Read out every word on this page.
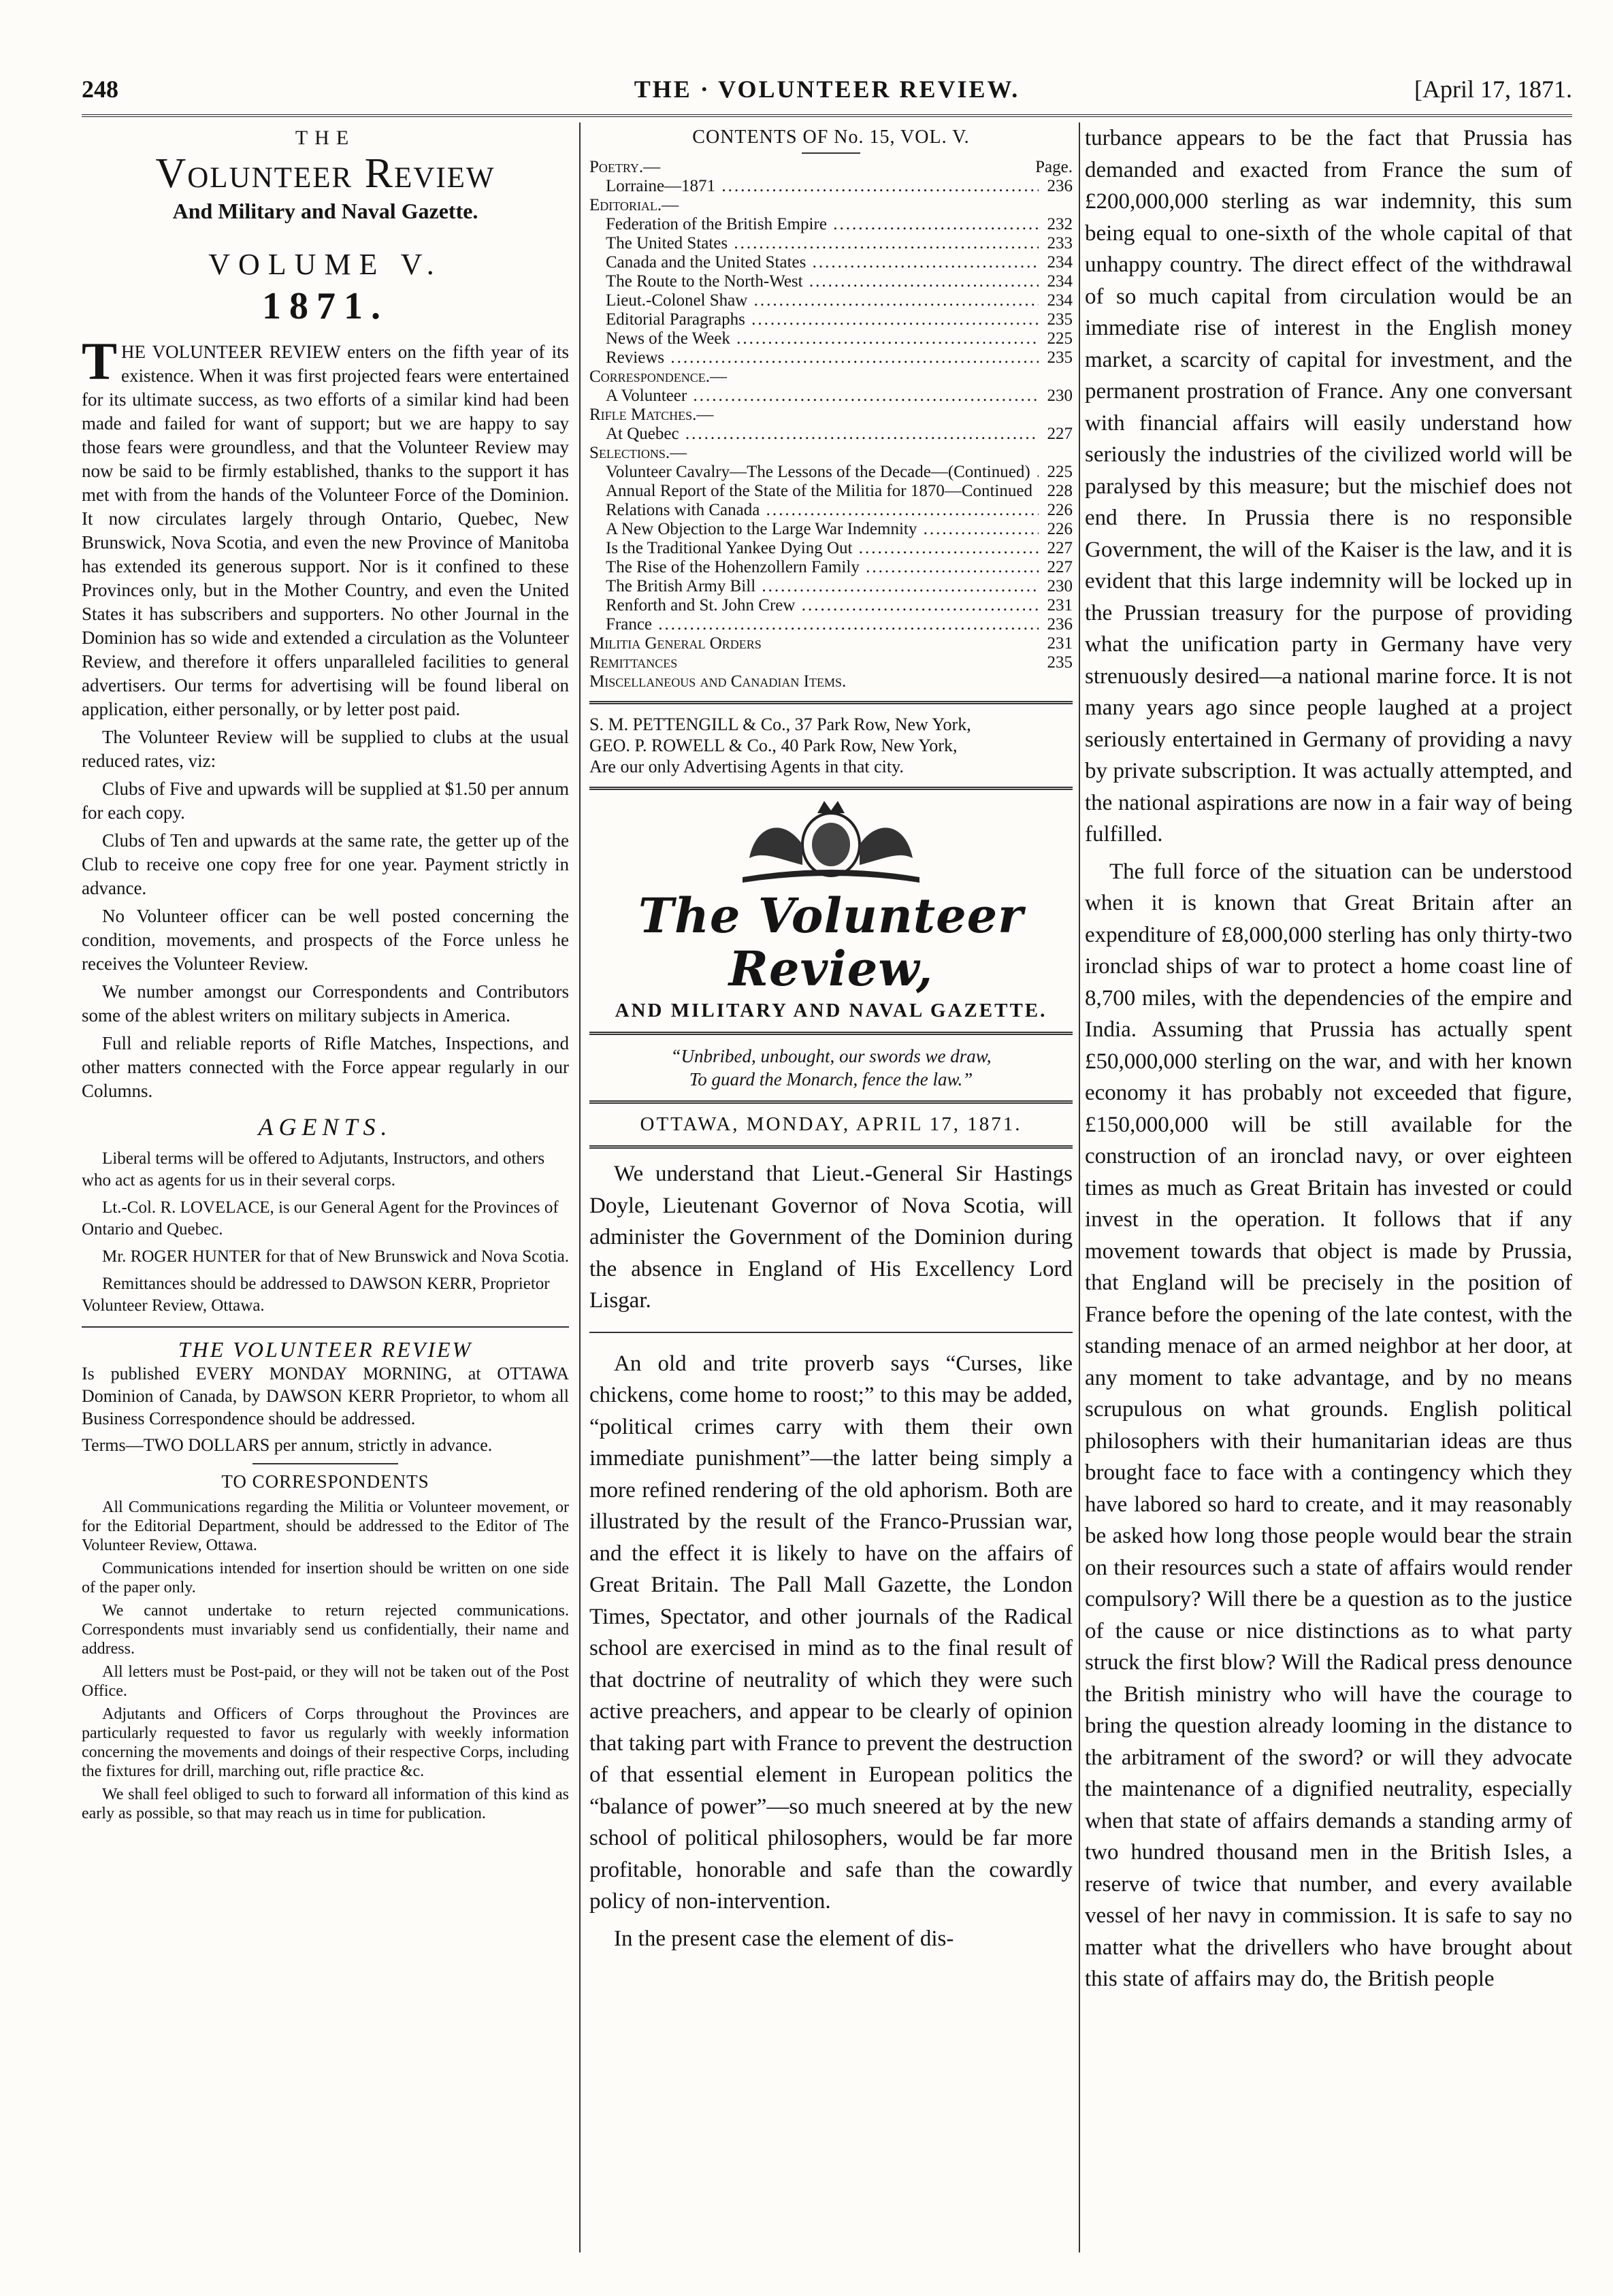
248	THE · VOLUNTEER REVIEW.	[April 17, 1871.
THE
Volunteer Review
And Military and Naval Gazette.
VOLUME V.
1871.
T HE VOLUNTEER REVIEW enters on the fifth year of its existence. When it was first projected fears were entertained for its ultimate success, as two efforts of a similar kind had been made and failed for want of support; but we are happy to say those fears were groundless, and that the Volunteer Review may now be said to be firmly established, thanks to the support it has met with from the hands of the Volunteer Force of the Dominion. It now circulates largely through Ontario, Quebec, New Brunswick, Nova Scotia, and even the new Province of Manitoba has extended its generous support. Nor is it confined to these Provinces only, but in the Mother Country, and even the United States it has subscribers and supporters. No other Journal in the Dominion has so wide and extended a circulation as the Volunteer Review, and therefore it offers unparalleled facilities to general advertisers. Our terms for advertising will be found liberal on application, either personally, or by letter post paid.

The Volunteer Review will be supplied to clubs at the usual reduced rates, viz:

Clubs of Five and upwards will be supplied at $1.50 per annum for each copy.

Clubs of Ten and upwards at the same rate, the getter up of the Club to receive one copy free for one year. Payment strictly in advance.

No Volunteer officer can be well posted concerning the condition, movements, and prospects of the Force unless he receives the Volunteer Review.

We number amongst our Correspondents and Contributors some of the ablest writers on military subjects in America.

Full and reliable reports of Rifle Matches, Inspections, and other matters connected with the Force appear regularly in our Columns.

AGENTS.

Liberal terms will be offered to Adjutants, Instructors, and others who act as agents for us in their several corps.

Lt.-Col. R. LOVELACE, is our General Agent for the Provinces of Ontario and Quebec.

Mr. ROGER HUNTER for that of New Brunswick and Nova Scotia.

Remittances should be addressed to DAWSON KERR, Proprietor Volunteer Review, Ottawa.

THE VOLUNTEER REVIEW
Is published EVERY MONDAY MORNING, at OTTAWA Dominion of Canada, by DAWSON KERR Proprietor, to whom all Business Correspondence should be addressed.
Terms—TWO DOLLARS per annum, strictly in advance.
TO CORRESPONDENTS

All Communications regarding the Militia or Volunteer movement, or for the Editorial Department, should be addressed to the Editor of The Volunteer Review, Ottawa.

Communications intended for insertion should be written on one side of the paper only.

We cannot undertake to return rejected communications. Correspondents must invariably send us confidentially, their name and address.

All letters must be Post-paid, or they will not be taken out of the Post Office.

Adjutants and Officers of Corps throughout the Provinces are particularly requested to favor us regularly with weekly information concerning the movements and doings of their respective Corps, including the fixtures for drill, marching out, rifle practice &c.

We shall feel obliged to such to forward all information of this kind as early as possible, so that may reach us in time for publication.

CONTENTS OF No. 15, VOL. V.
Poetry.—	Page.
Lorraine—1871 .....	236
Editorial.—
Federation of the British Empire .....	232
The United States .....	233
Canada and the United States .....	234
The Route to the North-West .....	234
Lieut.-Colonel Shaw .....	234
Editorial Paragraphs .....	235
News of the Week .....	225
Reviews .....	235
Correspondence.—
A Volunteer .....	230
Rifle Matches.—
At Quebec .....	227
Selections.—
Volunteer Cavalry—The Lessons of the Decade—(Continued) ..... 225
Annual Report of the State of the Militia for 1870—Continued ..... 228
Relations with Canada .....	226
A New Objection to the Large War Indemnity .....	226
Is the Traditional Yankee Dying Out .....	227
The Rise of the Hohenzollern Family .....	227
The British Army Bill .....	230
Renforth and St. John Crew .....	231
France .....	236
Militia General Orders	231
Remittances	235
Miscellaneous and Canadian Items.
S. M. PETTENGILL & Co., 37 Park Row, New York,
GEO. P. ROWELL & Co., 40 Park Row, New York,
Are our only Advertising Agents in that city.
The Volunteer Review,
AND MILITARY AND NAVAL GAZETTE.
“Unbribed, unbought, our swords we draw,
To guard the Monarch, fence the law.”
OTTAWA, MONDAY, APRIL 17, 1871.

We understand that Lieut.-General Sir Hastings Doyle, Lieutenant Governor of Nova Scotia, will administer the Government of the Dominion during the absence in England of His Excellency Lord Lisgar.

An old and trite proverb says “Curses, like chickens, come home to roost;” to this may be added, “political crimes carry with them their own immediate punishment”—the latter being simply a more refined rendering of the old aphorism. Both are illustrated by the result of the Franco-Prussian war, and the effect it is likely to have on the affairs of Great Britain. The Pall Mall Gazette, the London Times, Spectator, and other journals of the Radical school are exercised in mind as to the final result of that doctrine of neutrality of which they were such active preachers, and appear to be clearly of opinion that taking part with France to prevent the destruction of that essential element in European politics the “balance of power”—so much sneered at by the new school of political philosophers, would be far more profitable, honorable and safe than the cowardly policy of non-intervention.

In the present case the element of dis-

turbance appears to be the fact that Prussia has demanded and exacted from France the sum of £200,000,000 sterling as war indemnity, this sum being equal to one-sixth of the whole capital of that unhappy country. The direct effect of the withdrawal of so much capital from circulation would be an immediate rise of interest in the English money market, a scarcity of capital for investment, and the permanent prostration of France. Any one conversant with financial affairs will easily understand how seriously the industries of the civilized world will be paralysed by this measure; but the mischief does not end there. In Prussia there is no responsible Government, the will of the Kaiser is the law, and it is evident that this large indemnity will be locked up in the Prussian treasury for the purpose of providing what the unification party in Germany have very strenuously desired—a national marine force. It is not many years ago since people laughed at a project seriously entertained in Germany of providing a navy by private subscription. It was actually attempted, and the national aspirations are now in a fair way of being fulfilled.

The full force of the situation can be understood when it is known that Great Britain after an expenditure of £8,000,000 sterling has only thirty-two ironclad ships of war to protect a home coast line of 8,700 miles, with the dependencies of the empire and India. Assuming that Prussia has actually spent £50,000,000 sterling on the war, and with her known economy it has probably not exceeded that figure, £150,000,000 will be still available for the construction of an ironclad navy, or over eighteen times as much as Great Britain has invested or could invest in the operation. It follows that if any movement towards that object is made by Prussia, that England will be precisely in the position of France before the opening of the late contest, with the standing menace of an armed neighbor at her door, at any moment to take advantage, and by no means scrupulous on what grounds. English political philosophers with their humanitarian ideas are thus brought face to face with a contingency which they have labored so hard to create, and it may reasonably be asked how long those people would bear the strain on their resources such a state of affairs would render compulsory? Will there be a question as to the justice of the cause or nice distinctions as to what party struck the first blow? Will the Radical press denounce the British ministry who will have the courage to bring the question already looming in the distance to the arbitrament of the sword? or will they advocate the maintenance of a dignified neutrality, especially when that state of affairs demands a standing army of two hundred thousand men in the British Isles, a reserve of twice that number, and every available vessel of her navy in commission. It is safe to say no matter what the drivellers who have brought about this state of affairs may do, the British people
